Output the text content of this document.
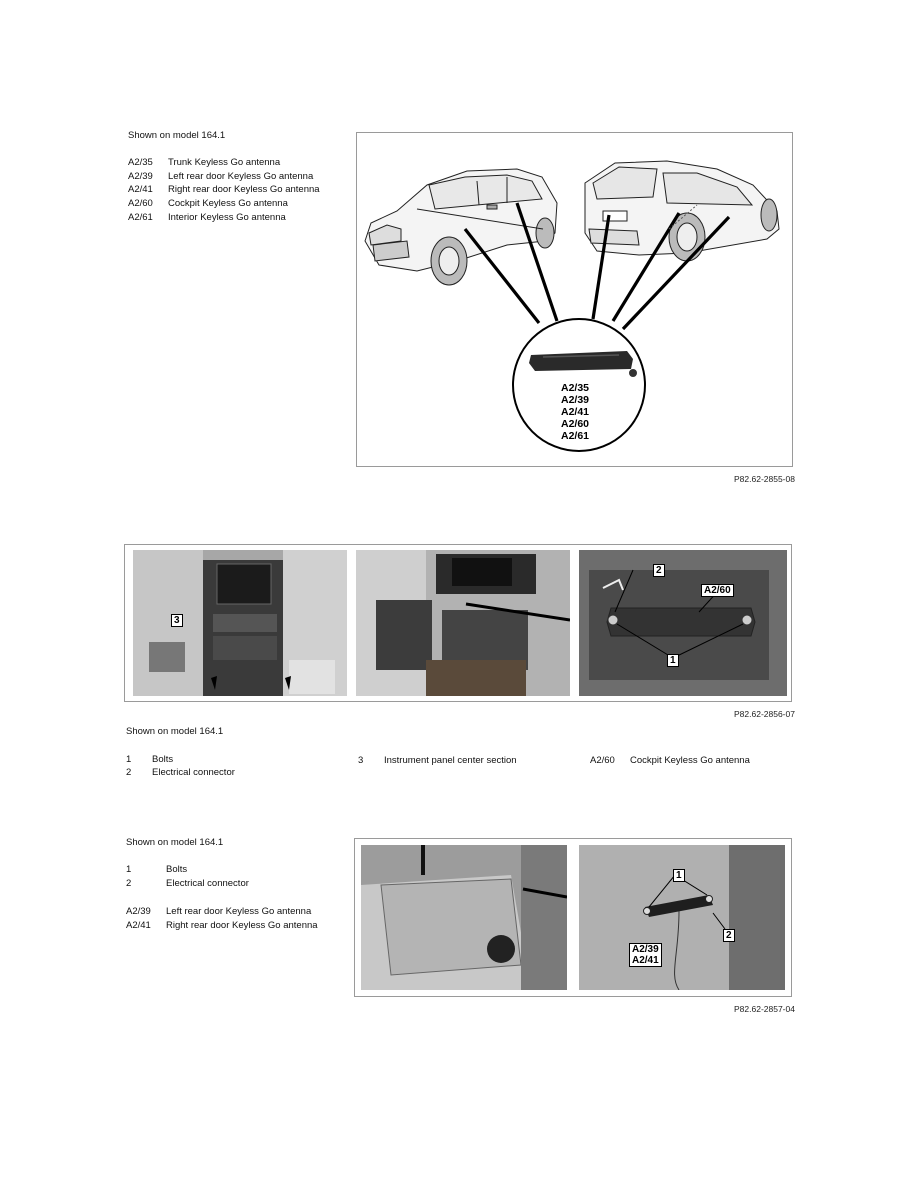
Shown on model 164.1
A2/35 Trunk Keyless Go antenna
A2/39 Left rear door Keyless Go antenna
A2/41 Right rear door Keyless Go antenna
A2/60 Cockpit Keyless Go antenna
A2/61 Interior Keyless Go antenna
A2/35
A2/39
A2/41
A2/60
A2/61
P82.62-2855-08
3
2
A2/60
1
P82.62-2856-07
Shown on model 164.1
1 Bolts
2 Electrical connector
3 Instrument panel center section	A2/60 Cockpit Keyless Go antenna
Shown on model 164.1
1	Bolts
2	Electrical connector
A2/39 Left rear door Keyless Go antenna
A2/41 Right rear door Keyless Go antenna
1
2
A2/39
A2/41
P82.62-2857-04
